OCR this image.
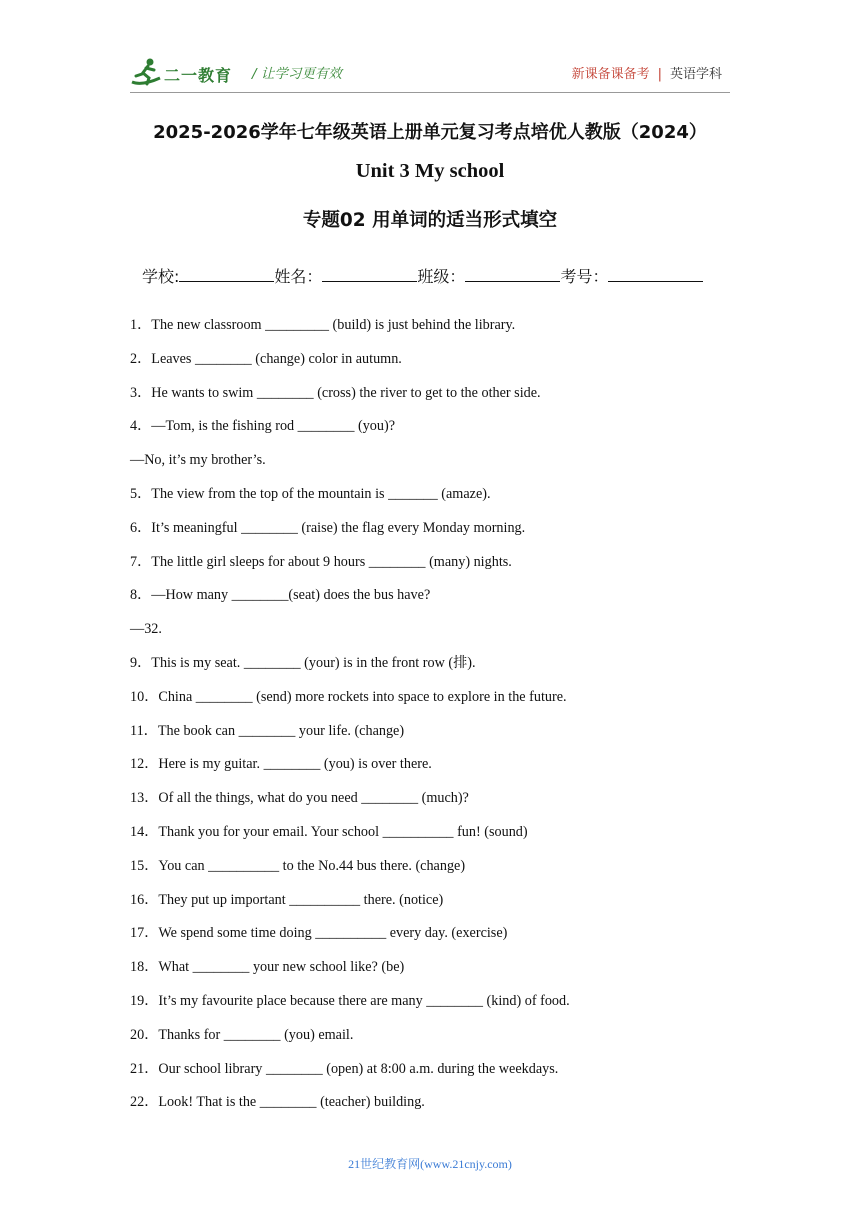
二一教育 / 让学习更有效	新课备课备考 | 英语学科
2025-2026学年七年级英语上册单元复习考点培优人教版（2024）
Unit 3 My school
专题02 用单词的适当形式填空
学校:	姓名：	班级：	考号：
1．The new classroom _________ (build) is just behind the library.
2．Leaves ________ (change) color in autumn.
3．He wants to swim ________ (cross) the river to get to the other side.
4．—Tom, is the fishing rod ________ (you)?
—No, it’s my brother’s.
5．The view from the top of the mountain is _______ (amaze).
6．It’s meaningful ________ (raise) the flag every Monday morning.
7．The little girl sleeps for about 9 hours ________ (many) nights.
8．—How many ________(seat) does the bus have?
—32.
9．This is my seat. ________ (your) is in the front row (排).
10．China ________ (send) more rockets into space to explore in the future.
11．The book can ________ your life. (change)
12．Here is my guitar. ________ (you) is over there.
13．Of all the things, what do you need ________ (much)?
14．Thank you for your email. Your school __________ fun! (sound)
15．You can __________ to the No.44 bus there. (change)
16．They put up important __________ there. (notice)
17．We spend some time doing __________ every day. (exercise)
18．What ________ your new school like? (be)
19．It’s my favourite place because there are many ________ (kind) of food.
20．Thanks for ________ (you) email.
21．Our school library ________ (open) at 8:00 a.m. during the weekdays.
22．Look! That is the ________ (teacher) building.
21世纪教育网(www.21cnjy.com)
